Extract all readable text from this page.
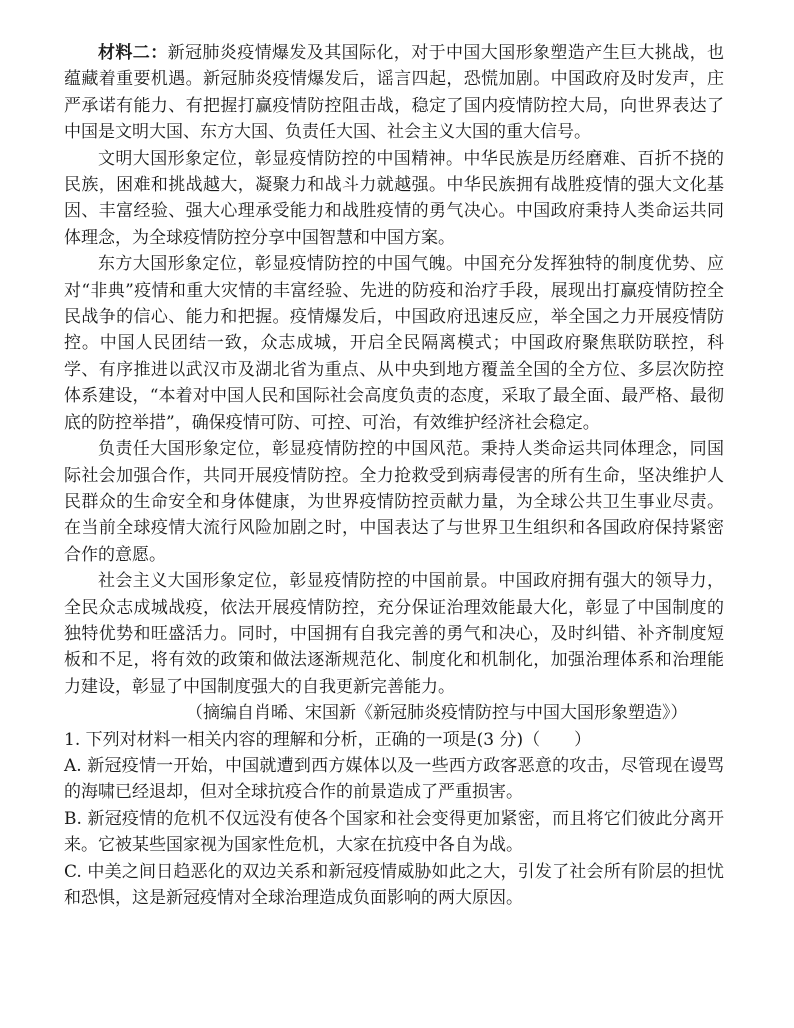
材料二：新冠肺炎疫情爆发及其国际化，对于中国大国形象塑造产生巨大挑战，也蕴藏着重要机遇。新冠肺炎疫情爆发后，谣言四起，恐慌加剧。中国政府及时发声，庄严承诺有能力、有把握打赢疫情防控阻击战，稳定了国内疫情防控大局，向世界表达了中国是文明大国、东方大国、负责任大国、社会主义大国的重大信号。

文明大国形象定位，彰显疫情防控的中国精神。中华民族是历经磨难、百折不挠的民族，困难和挑战越大，凝聚力和战斗力就越强。中华民族拥有战胜疫情的强大文化基因、丰富经验、强大心理承受能力和战胜疫情的勇气决心。中国政府秉持人类命运共同体理念，为全球疫情防控分享中国智慧和中国方案。

东方大国形象定位，彰显疫情防控的中国气魄。中国充分发挥独特的制度优势、应对“非典”疫情和重大灾情的丰富经验、先进的防疫和治疗手段，展现出打赢疫情防控全民战争的信心、能力和把握。疫情爆发后，中国政府迅速反应，举全国之力开展疫情防控。中国人民团结一致，众志成城，开启全民隔离模式；中国政府聚焦联防联控，科学、有序推进以武汉市及湖北省为重点、从中央到地方覆盖全国的全方位、多层次防控体系建设，“本着对中国人民和国际社会高度负责的态度，采取了最全面、最严格、最彻底的防控举措”，确保疫情可防、可控、可治，有效维护经济社会稳定。

负责任大国形象定位，彰显疫情防控的中国风范。秉持人类命运共同体理念，同国际社会加强合作，共同开展疫情防控。全力抢救受到病毒侵害的所有生命，坚决维护人民群众的生命安全和身体健康，为世界疫情防控贡献力量，为全球公共卫生事业尽责。在当前全球疫情大流行风险加剧之时，中国表达了与世界卫生组织和各国政府保持紧密合作的意愿。

社会主义大国形象定位，彰显疫情防控的中国前景。中国政府拥有强大的领导力，全民众志成城战疫，依法开展疫情防控，充分保证治理效能最大化，彰显了中国制度的独特优势和旺盛活力。同时，中国拥有自我完善的勇气和决心，及时纠错、补齐制度短板和不足，将有效的政策和做法逐渐规范化、制度化和机制化，加强治理体系和治理能力建设，彰显了中国制度强大的自我更新完善能力。

（摘编自肖晞、宋国新《新冠肺炎疫情防控与中国大国形象塑造》）

1. 下列对材料一相关内容的理解和分析，正确的一项是(3 分)（　　）

A. 新冠疫情一开始，中国就遭到西方媒体以及一些西方政客恶意的攻击，尽管现在谩骂的海啸已经退却，但对全球抗疫合作的前景造成了严重损害。

B. 新冠疫情的危机不仅远没有使各个国家和社会变得更加紧密，而且将它们彼此分离开来。它被某些国家视为国家性危机，大家在抗疫中各自为战。

C. 中美之间日趋恶化的双边关系和新冠疫情威胁如此之大，引发了社会所有阶层的担忧和恐惧，这是新冠疫情对全球治理造成负面影响的两大原因。
